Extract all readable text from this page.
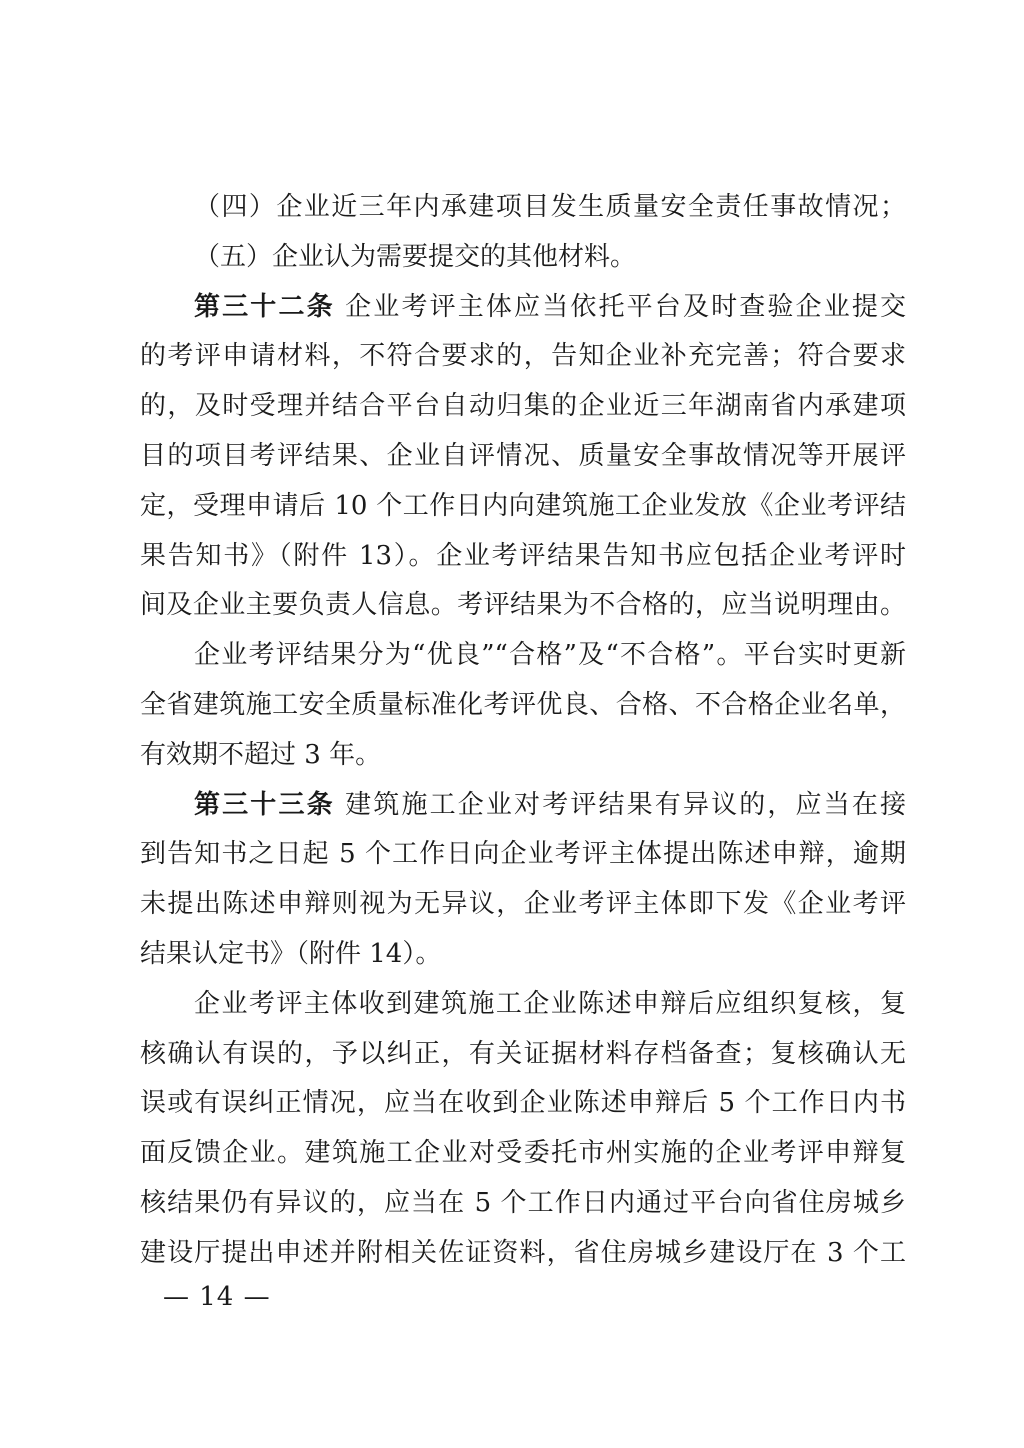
（四）企业近三年内承建项目发生质量安全责任事故情况；
（五）企业认为需要提交的其他材料。
第三十二条 企业考评主体应当依托平台及时查验企业提交
的考评申请材料，不符合要求的，告知企业补充完善；符合要求
的，及时受理并结合平台自动归集的企业近三年湖南省内承建项
目的项目考评结果、企业自评情况、质量安全事故情况等开展评
定，受理申请后 10 个工作日内向建筑施工企业发放《企业考评结
果告知书》（附件 13）。企业考评结果告知书应包括企业考评时
间及企业主要负责人信息。考评结果为不合格的，应当说明理由。
企业考评结果分为“优良”“合格”及“不合格”。平台实时更新
全省建筑施工安全质量标准化考评优良、合格、不合格企业名单，
有效期不超过 3 年。
第三十三条 建筑施工企业对考评结果有异议的，应当在接
到告知书之日起 5 个工作日向企业考评主体提出陈述申辩，逾期
未提出陈述申辩则视为无异议，企业考评主体即下发《企业考评
结果认定书》（附件 14）。
企业考评主体收到建筑施工企业陈述申辩后应组织复核，复
核确认有误的，予以纠正，有关证据材料存档备查；复核确认无
误或有误纠正情况，应当在收到企业陈述申辩后 5 个工作日内书
面反馈企业。建筑施工企业对受委托市州实施的企业考评申辩复
核结果仍有异议的，应当在 5 个工作日内通过平台向省住房城乡
建设厅提出申述并附相关佐证资料，省住房城乡建设厅在 3 个工
— 14 —
